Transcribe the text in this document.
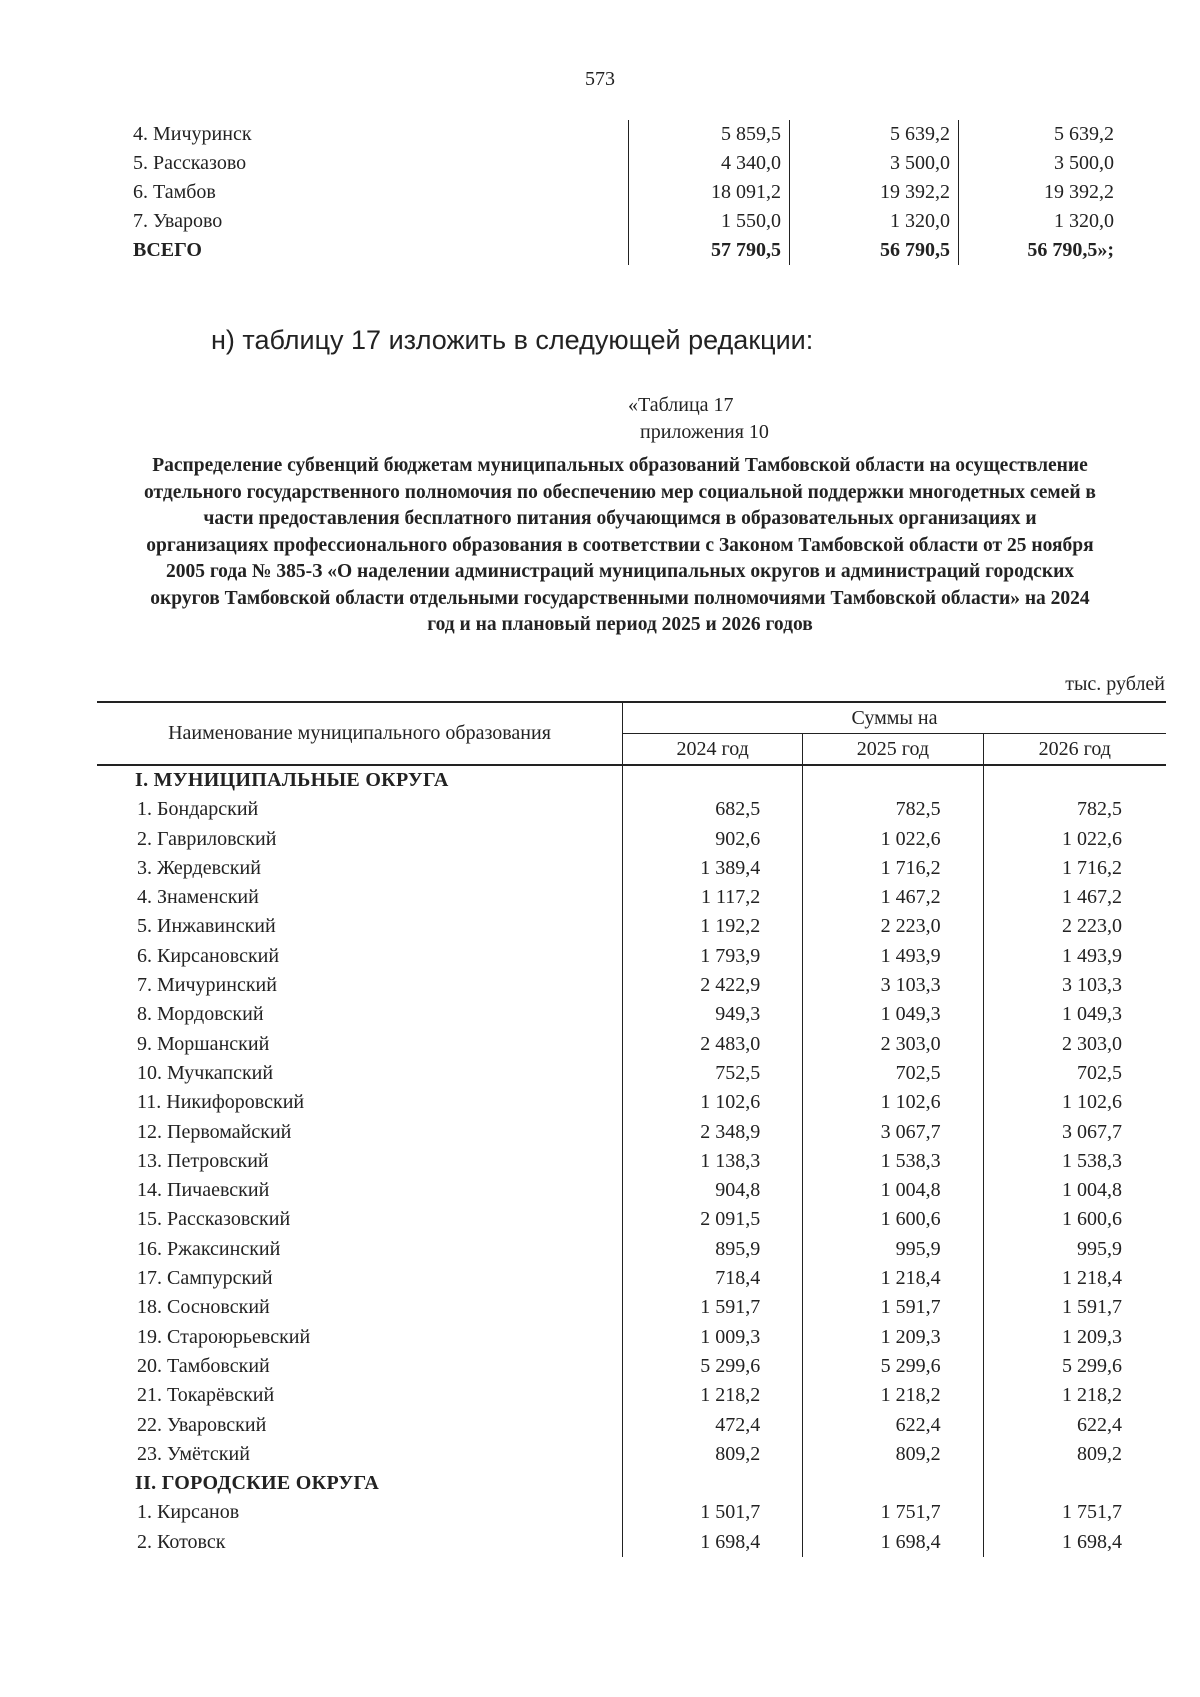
573
4. Мичуринск	5 859,5	5 639,2	5 639,2
5. Рассказово	4 340,0	3 500,0	3 500,0
6. Тамбов	18 091,2	19 392,2	19 392,2
7. Уварово	1 550,0	1 320,0	1 320,0
ВСЕГО	57 790,5	56 790,5	56 790,5»;
н) таблицу 17 изложить в следующей редакции:
«Таблица 17
приложения 10
Распределение субвенций бюджетам муниципальных образований Тамбовской области на осуществление отдельного государственного полномочия по обеспечению мер социальной поддержки многодетных семей в части предоставления бесплатного питания обучающимся в образовательных организациях и организациях профессионального образования в соответствии с Законом Тамбовской области от 25 ноября 2005 года № 385-З «О наделении администраций муниципальных округов и администраций городских округов Тамбовской области отдельными государственными полномочиями Тамбовской области» на 2024 год и на плановый период 2025 и 2026 годов
тыс. рублей
Наименование муниципального образования	Суммы на		
	2024 год	2025 год	2026 год
I. МУНИЦИПАЛЬНЫЕ ОКРУГА			
1. Бондарский	682,5	782,5	782,5
2. Гавриловский	902,6	1 022,6	1 022,6
3. Жердевский	1 389,4	1 716,2	1 716,2
4. Знаменский	1 117,2	1 467,2	1 467,2
5. Инжавинский	1 192,2	2 223,0	2 223,0
6. Кирсановский	1 793,9	1 493,9	1 493,9
7. Мичуринский	2 422,9	3 103,3	3 103,3
8. Мордовский	949,3	1 049,3	1 049,3
9. Моршанский	2 483,0	2 303,0	2 303,0
10. Мучкапский	752,5	702,5	702,5
11. Никифоровский	1 102,6	1 102,6	1 102,6
12. Первомайский	2 348,9	3 067,7	3 067,7
13. Петровский	1 138,3	1 538,3	1 538,3
14. Пичаевский	904,8	1 004,8	1 004,8
15. Рассказовский	2 091,5	1 600,6	1 600,6
16. Ржаксинский	895,9	995,9	995,9
17. Сампурский	718,4	1 218,4	1 218,4
18. Сосновский	1 591,7	1 591,7	1 591,7
19. Староюрьевский	1 009,3	1 209,3	1 209,3
20. Тамбовский	5 299,6	5 299,6	5 299,6
21. Токарёвский	1 218,2	1 218,2	1 218,2
22. Уваровский	472,4	622,4	622,4
23. Умётский	809,2	809,2	809,2
II. ГОРОДСКИЕ ОКРУГА			
1. Кирсанов	1 501,7	1 751,7	1 751,7
2. Котовск	1 698,4	1 698,4	1 698,4
